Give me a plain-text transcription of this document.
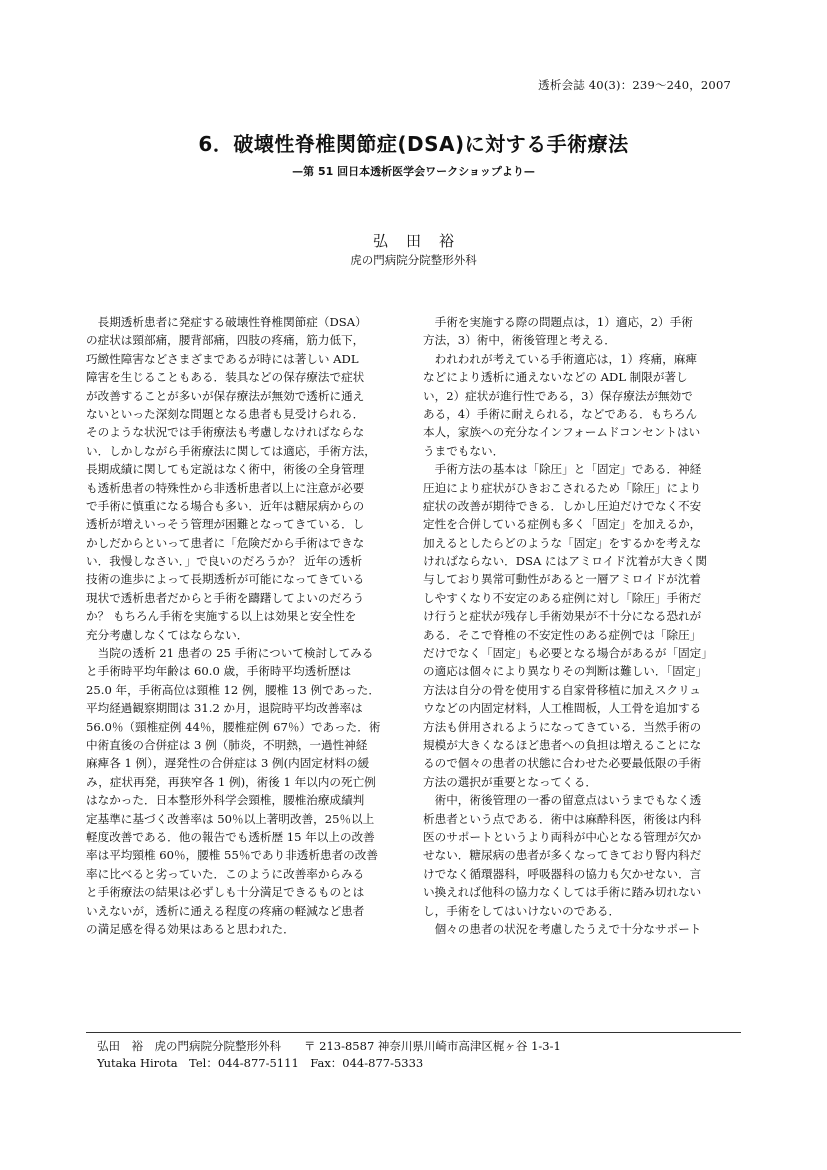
透析会誌 40(3)：239〜240，2007
6．破壊性脊椎関節症(DSA)に対する手術療法
—第 51 回日本透析医学会ワークショップより—
弘田裕
虎の門病院分院整形外科
　長期透析患者に発症する破壊性脊椎関節症（DSA）
の症状は頸部痛，腰背部痛，四肢の疼痛，筋力低下，
巧緻性障害などさまざまであるが時には著しい ADL
障害を生じることもある．装具などの保存療法で症状
が改善することが多いが保存療法が無効で透析に通え
ないといった深刻な問題となる患者も見受けられる．
そのような状況では手術療法も考慮しなければならな
い．しかしながら手術療法に関しては適応，手術方法，
長期成績に関しても定説はなく術中，術後の全身管理
も透析患者の特殊性から非透析患者以上に注意が必要
で手術に慎重になる場合も多い．近年は糖尿病からの
透析が増えいっそう管理が困難となってきている．し
かしだからといって患者に「危険だから手術はできな
い．我慢しなさい．」で良いのだろうか？ 近年の透析
技術の進歩によって長期透析が可能になってきている
現状で透析患者だからと手術を躊躇してよいのだろう
か？ もちろん手術を実施する以上は効果と安全性を
充分考慮しなくてはならない．
　当院の透析 21 患者の 25 手術について検討してみる
と手術時平均年齢は 60.0 歳，手術時平均透析歴は
25.0 年，手術高位は頸椎 12 例，腰椎 13 例であった．
平均経過観察期間は 31.2 か月，退院時平均改善率は
56.0％（頸椎症例 44％，腰椎症例 67％）であった．術
中術直後の合併症は 3 例（肺炎，不明熱，一過性神経
麻痺各 1 例），遅発性の合併症は 3 例(内固定材料の緩
み，症状再発，再狭窄各 1 例)，術後 1 年以内の死亡例
はなかった．日本整形外科学会頸椎，腰椎治療成績判
定基準に基づく改善率は 50％以上著明改善，25％以上
軽度改善である．他の報告でも透析歴 15 年以上の改善
率は平均頸椎 60％，腰椎 55％であり非透析患者の改善
率に比べると劣っていた．このように改善率からみる
と手術療法の結果は必ずしも十分満足できるものとは
いえないが，透析に通える程度の疼痛の軽減など患者
の満足感を得る効果はあると思われた．
　手術を実施する際の問題点は，1）適応，2）手術
方法，3）術中，術後管理と考える．
　われわれが考えている手術適応は，1）疼痛，麻痺
などにより透析に通えないなどの ADL 制限が著し
い，2）症状が進行性である，3）保存療法が無効で
ある，4）手術に耐えられる，などである．もちろん
本人，家族への充分なインフォームドコンセントはい
うまでもない．
　手術方法の基本は「除圧」と「固定」である．神経
圧迫により症状がひきおこされるため「除圧」により
症状の改善が期待できる．しかし圧迫だけでなく不安
定性を合併している症例も多く「固定」を加えるか，
加えるとしたらどのような「固定」をするかを考えな
ければならない．DSA にはアミロイド沈着が大きく関
与しており異常可動性があると一層アミロイドが沈着
しやすくなり不安定のある症例に対し「除圧」手術だ
け行うと症状が残存し手術効果が不十分になる恐れが
ある．そこで脊椎の不安定性のある症例では「除圧」
だけでなく「固定」も必要となる場合があるが「固定」
の適応は個々により異なりその判断は難しい．「固定」
方法は自分の骨を使用する自家骨移植に加えスクリュ
ウなどの内固定材料，人工椎間板，人工骨を追加する
方法も併用されるようになってきている．当然手術の
規模が大きくなるほど患者への負担は増えることにな
るので個々の患者の状態に合わせた必要最低限の手術
方法の選択が重要となってくる．
　術中，術後管理の一番の留意点はいうまでもなく透
析患者という点である．術中は麻酔科医，術後は内科
医のサポートというより両科が中心となる管理が欠か
せない．糖尿病の患者が多くなってきており腎内科だ
けでなく循環器科，呼吸器科の協力も欠かせない．言
い換えれば他科の協力なくしては手術に踏み切れない
し，手術をしてはいけないのである．
　個々の患者の状況を考慮したうえで十分なサポート
弘田　裕　虎の門病院分院整形外科　　〒 213-8587 神奈川県川崎市高津区梶ヶ谷 1-3-1
Yutaka Hirota　Tel：044-877-5111　Fax：044-877-5333
